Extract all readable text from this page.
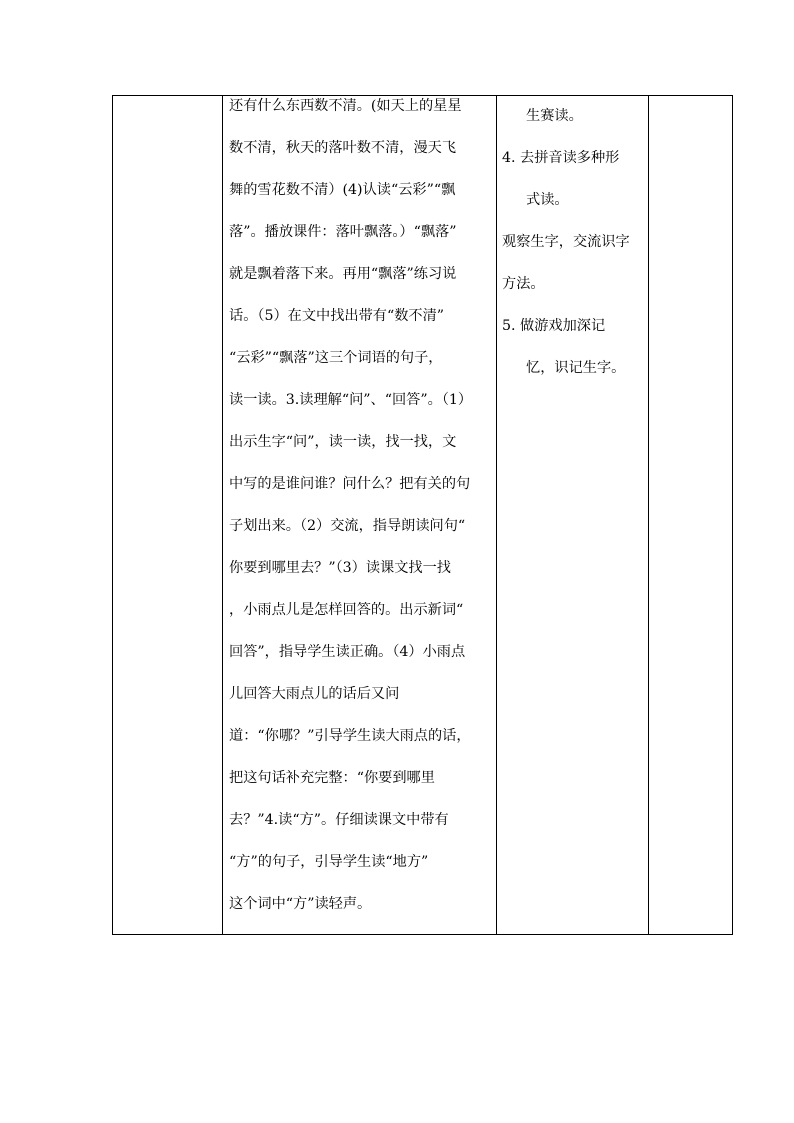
还有什么东西数不清。(如天上的星星
数不清，秋天的落叶数不清，漫天飞
舞的雪花数不清）(4)认读“云彩”“飘
落”。播放课件：落叶飘落。）“飘落”
就是飘着落下来。再用“飘落”练习说
话。（5）在文中找出带有“数不清”
“云彩”“飘落”这三个词语的句子，
读一读。3.读理解“问”、“回答”。（1）
出示生字“问”，读一读，找一找，文
中写的是谁问谁？问什么？把有关的句
子划出来。（2）交流，指导朗读问句“
你要到哪里去？”（3）读课文找一找
，小雨点儿是怎样回答的。出示新词“
回答”，指导学生读正确。（4）小雨点
儿回答大雨点儿的话后又问
道：“你哪？”引导学生读大雨点的话，
把这句话补充完整：“你要到哪里
去？”4.读“方”。仔细读课文中带有
“方”的句子，引导学生读“地方”
这个词中“方”读轻声。
生赛读。
4. 去拼音读多种形
式读。
观察生字，交流识字
方法。
5. 做游戏加深记
忆，识记生字。
